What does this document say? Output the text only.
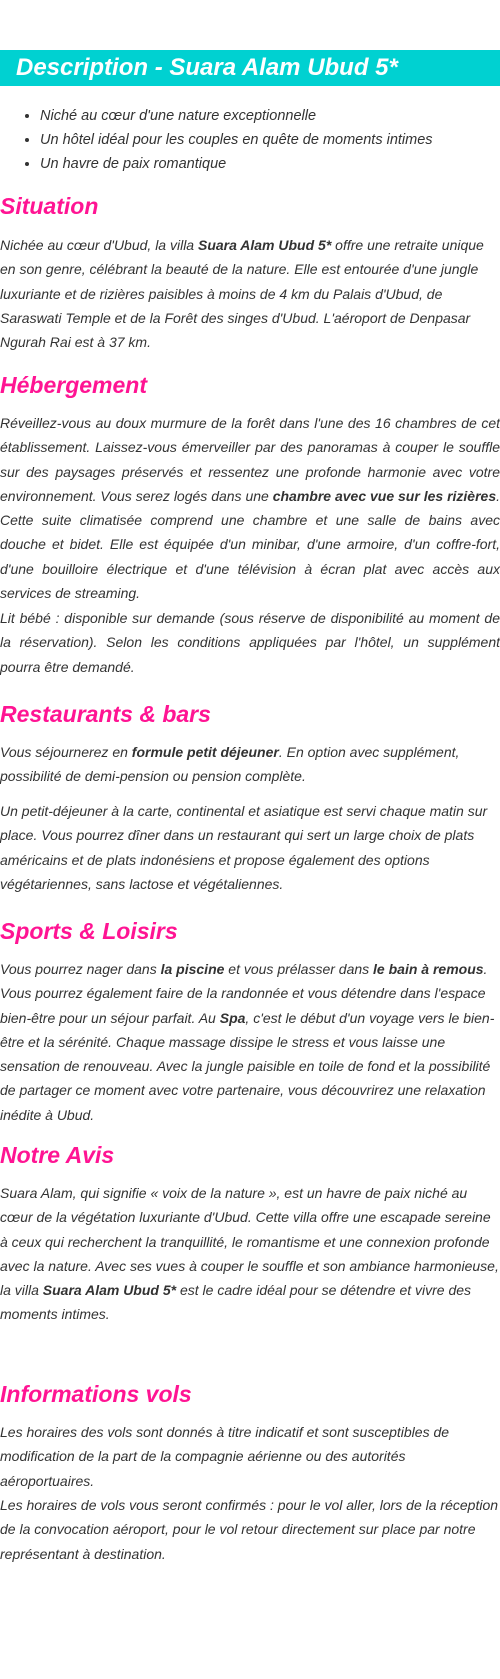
Description - Suara Alam Ubud 5*
• Niché au cœur d'une nature exceptionnelle
• Un hôtel idéal pour les couples en quête de moments intimes
• Un havre de paix romantique
Situation

Nichée au cœur d'Ubud, la villa Suara Alam Ubud 5* offre une retraite unique en son genre, célébrant la beauté de la nature. Elle est entourée d'une jungle luxuriante et de rizières paisibles à moins de 4 km du Palais d'Ubud, de Saraswati Temple et de la Forêt des singes d'Ubud. L'aéroport de Denpasar Ngurah Rai est à 37 km.

Hébergement

Réveillez-vous au doux murmure de la forêt dans l'une des 16 chambres de cet établissement. Laissez-vous émerveiller par des panoramas à couper le souffle sur des paysages préservés et ressentez une profonde harmonie avec votre environnement. Vous serez logés dans une chambre avec vue sur les rizières. Cette suite climatisée comprend une chambre et une salle de bains avec douche et bidet. Elle est équipée d'un minibar, d'une armoire, d'un coffre-fort, d'une bouilloire électrique et d'une télévision à écran plat avec accès aux services de streaming.

Lit bébé : disponible sur demande (sous réserve de disponibilité au moment de la réservation). Selon les conditions appliquées par l'hôtel, un supplément pourra être demandé.

Restaurants & bars

Vous séjournerez en formule petit déjeuner. En option avec supplément, possibilité de demi-pension ou pension complète.

Un petit-déjeuner à la carte, continental et asiatique est servi chaque matin sur place. Vous pourrez dîner dans un restaurant qui sert un large choix de plats américains et de plats indonésiens et propose également des options végétariennes, sans lactose et végétaliennes.

Sports & Loisirs

Vous pourrez nager dans la piscine et vous prélasser dans le bain à remous. Vous pourrez également faire de la randonnée et vous détendre dans l'espace bien-être pour un séjour parfait. Au Spa, c'est le début d'un voyage vers le bien-être et la sérénité. Chaque massage dissipe le stress et vous laisse une sensation de renouveau. Avec la jungle paisible en toile de fond et la possibilité de partager ce moment avec votre partenaire, vous découvrirez une relaxation inédite à Ubud.

Notre Avis

Suara Alam, qui signifie « voix de la nature », est un havre de paix niché au cœur de la végétation luxuriante d'Ubud. Cette villa offre une escapade sereine à ceux qui recherchent la tranquillité, le romantisme et une connexion profonde avec la nature. Avec ses vues à couper le souffle et son ambiance harmonieuse, la villa Suara Alam Ubud 5* est le cadre idéal pour se détendre et vivre des moments intimes.

Informations vols

Les horaires des vols sont donnés à titre indicatif et sont susceptibles de modification de la part de la compagnie aérienne ou des autorités aéroportuaires.

Les horaires de vols vous seront confirmés : pour le vol aller, lors de la réception de la convocation aéroport, pour le vol retour directement sur place par notre représentant à destination.
